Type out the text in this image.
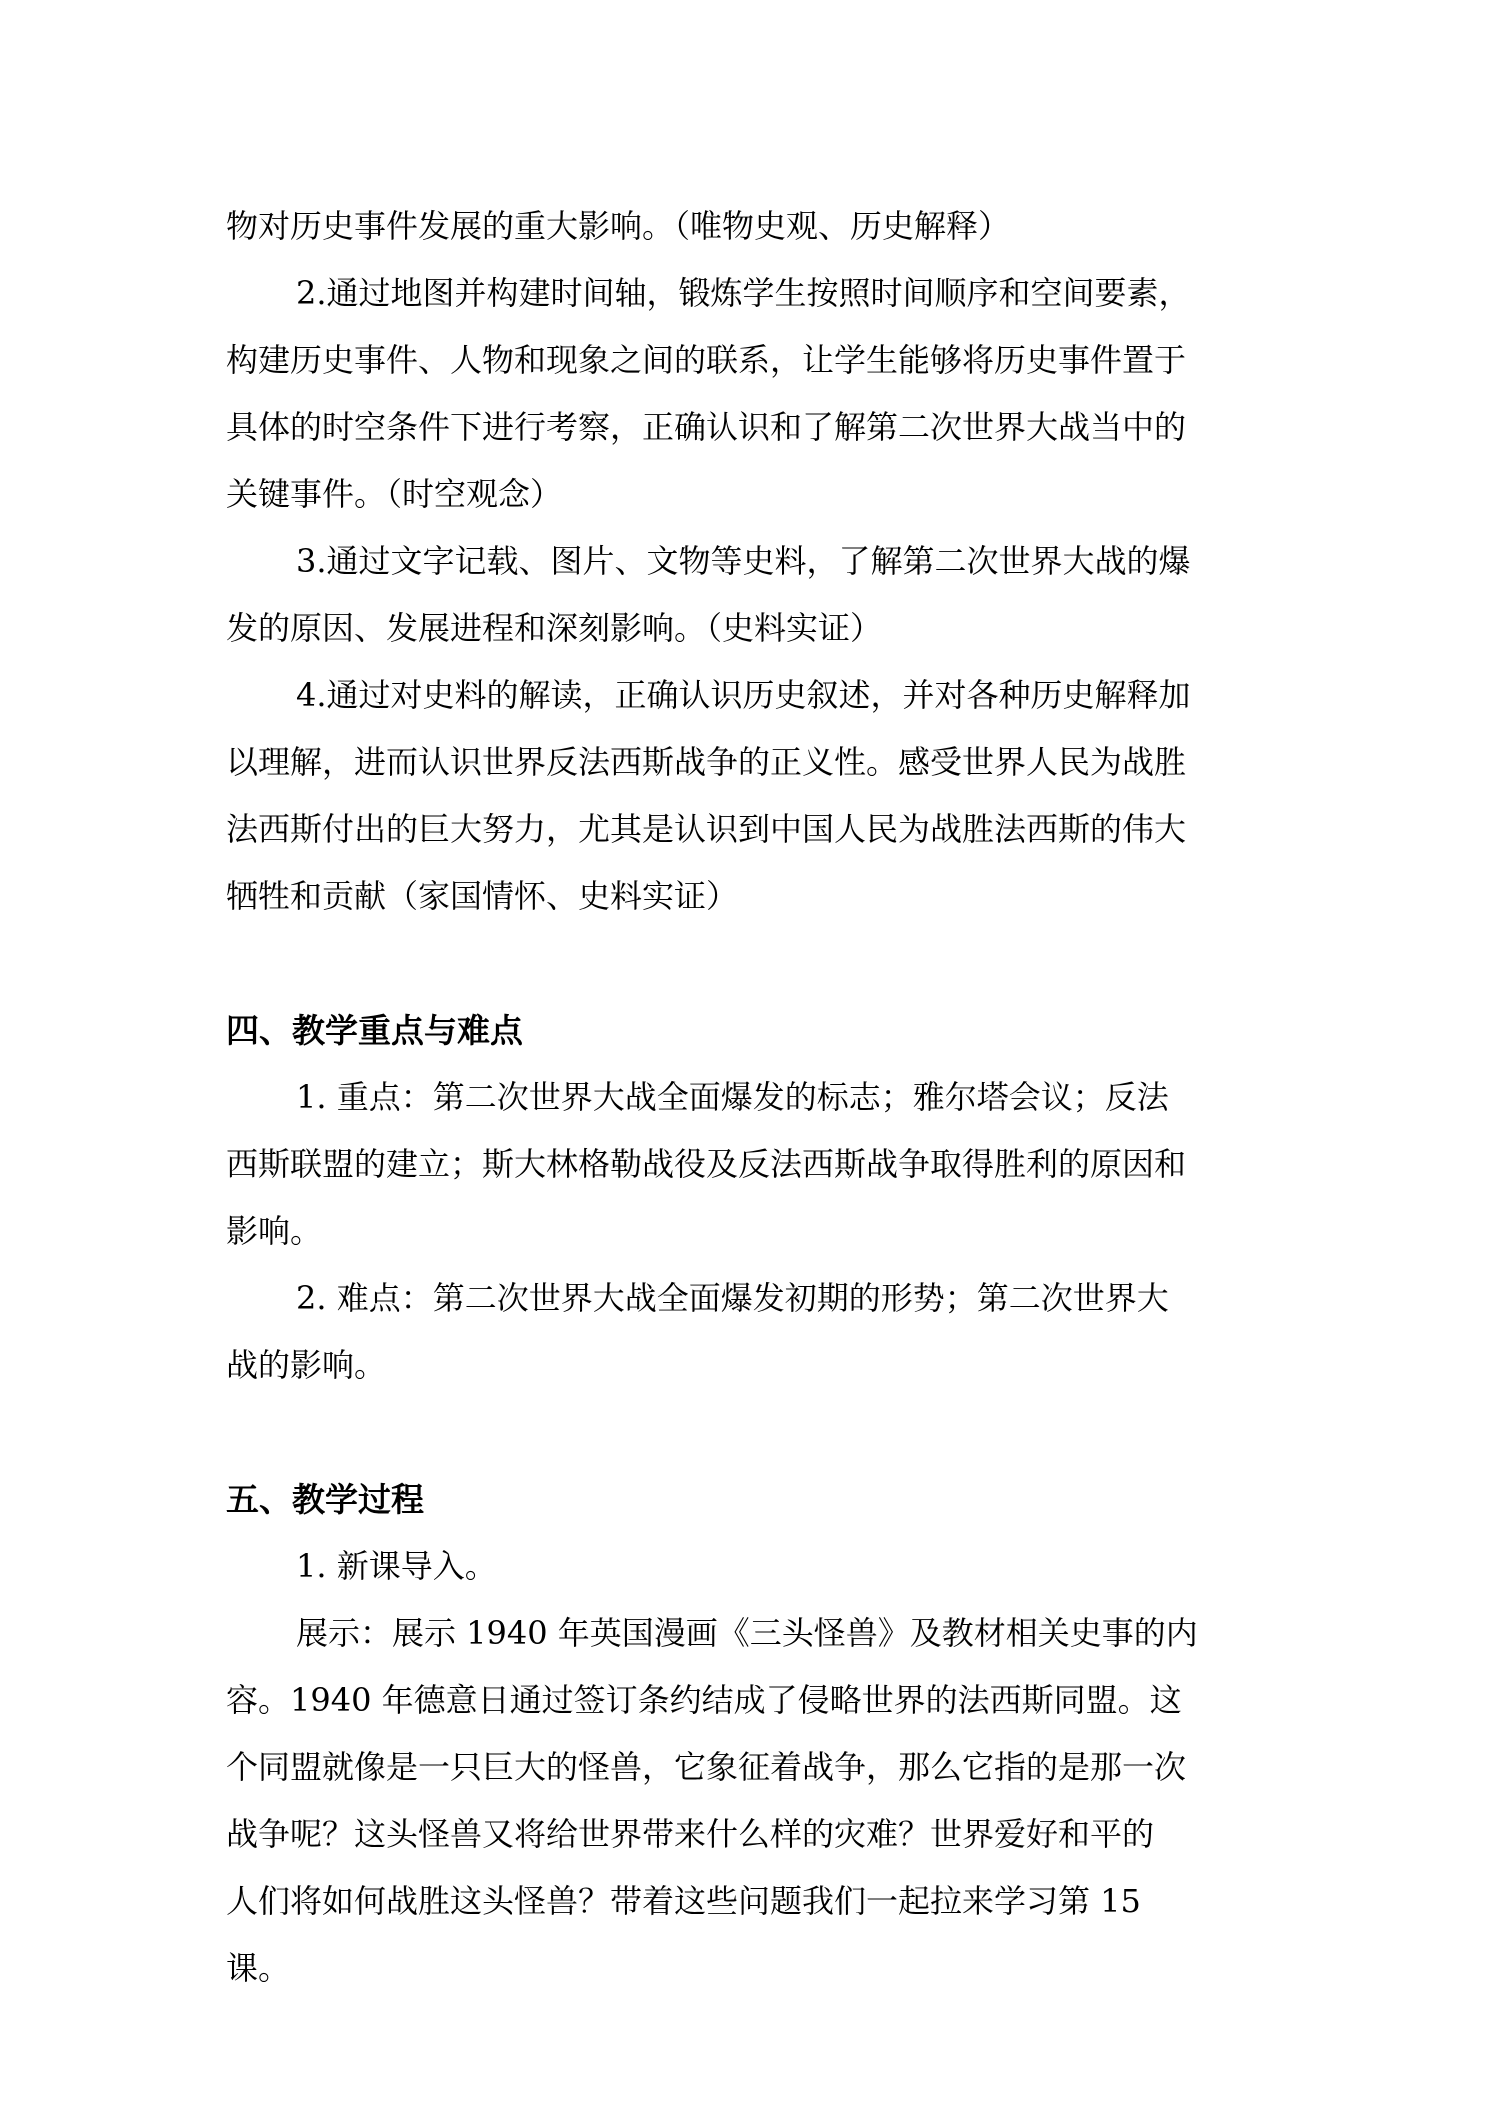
物对历史事件发展的重大影响。（唯物史观、历史解释）

2.通过地图并构建时间轴，锻炼学生按照时间顺序和空间要素，
构建历史事件、人物和现象之间的联系，让学生能够将历史事件置于
具体的时空条件下进行考察，正确认识和了解第二次世界大战当中的
关键事件。（时空观念）

3.通过文字记载、图片、文物等史料，了解第二次世界大战的爆
发的原因、发展进程和深刻影响。（史料实证）

4.通过对史料的解读，正确认识历史叙述，并对各种历史解释加
以理解，进而认识世界反法西斯战争的正义性。感受世界人民为战胜
法西斯付出的巨大努力，尤其是认识到中国人民为战胜法西斯的伟大
牺牲和贡献（家国情怀、史料实证）

四、教学重点与难点

1. 重点：第二次世界大战全面爆发的标志；雅尔塔会议；反法
西斯联盟的建立；斯大林格勒战役及反法西斯战争取得胜利的原因和
影响。

2. 难点：第二次世界大战全面爆发初期的形势；第二次世界大
战的影响。

五、教学过程

1. 新课导入。

展示：展示 1940 年英国漫画《三头怪兽》及教材相关史事的内
容。1940 年德意日通过签订条约结成了侵略世界的法西斯同盟。这
个同盟就像是一只巨大的怪兽，它象征着战争，那么它指的是那一次
战争呢？这头怪兽又将给世界带来什么样的灾难？世界爱好和平的
人们将如何战胜这头怪兽？带着这些问题我们一起拉来学习第 15
课。
